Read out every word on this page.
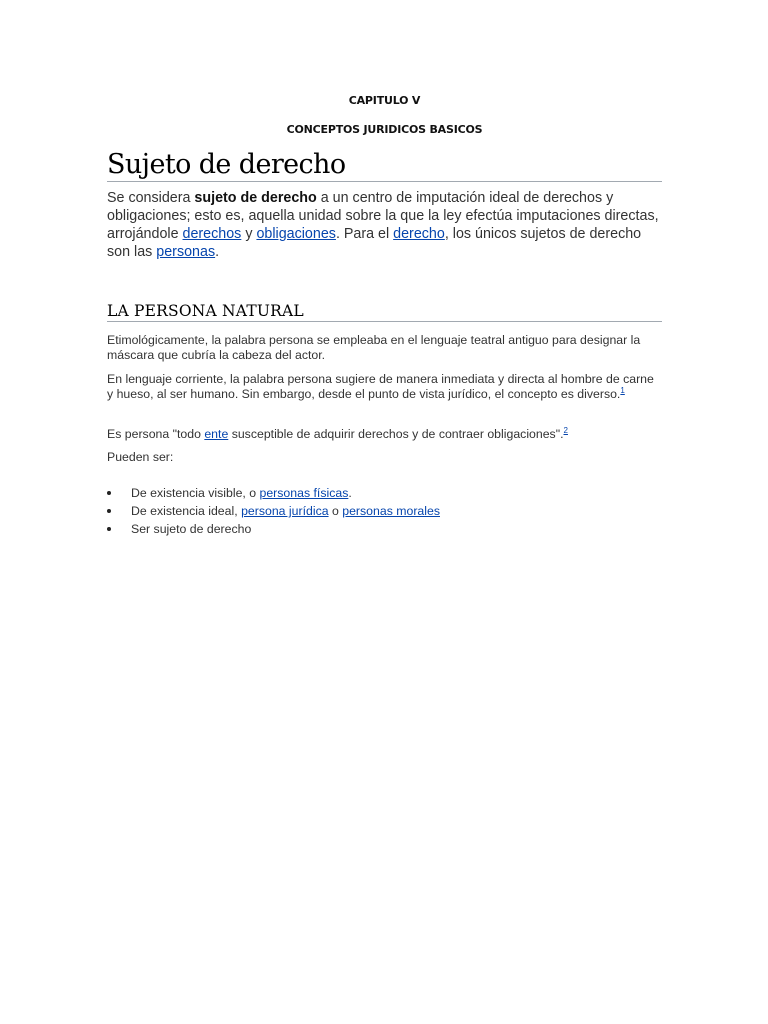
CAPITULO V
CONCEPTOS JURIDICOS BASICOS
Sujeto de derecho

Se considera sujeto de derecho a un centro de imputación ideal de derechos y obligaciones; esto es, aquella unidad sobre la que la ley efectúa imputaciones directas, arrojándole derechos y obligaciones. Para el derecho, los únicos sujetos de derecho son las personas.

LA PERSONA NATURAL

Etimológicamente, la palabra persona se empleaba en el lenguaje teatral antiguo para designar la máscara que cubría la cabeza del actor.

En lenguaje corriente, la palabra persona sugiere de manera inmediata y directa al hombre de carne y hueso, al ser humano. Sin embargo, desde el punto de vista jurídico, el concepto es diverso.$^1$

Es persona "todo ente susceptible de adquirir derechos y de contraer obligaciones".$^2$

Pueden ser:

De existencia visible, o personas físicas.
De existencia ideal, persona jurídica o personas morales
Ser sujeto de derecho
